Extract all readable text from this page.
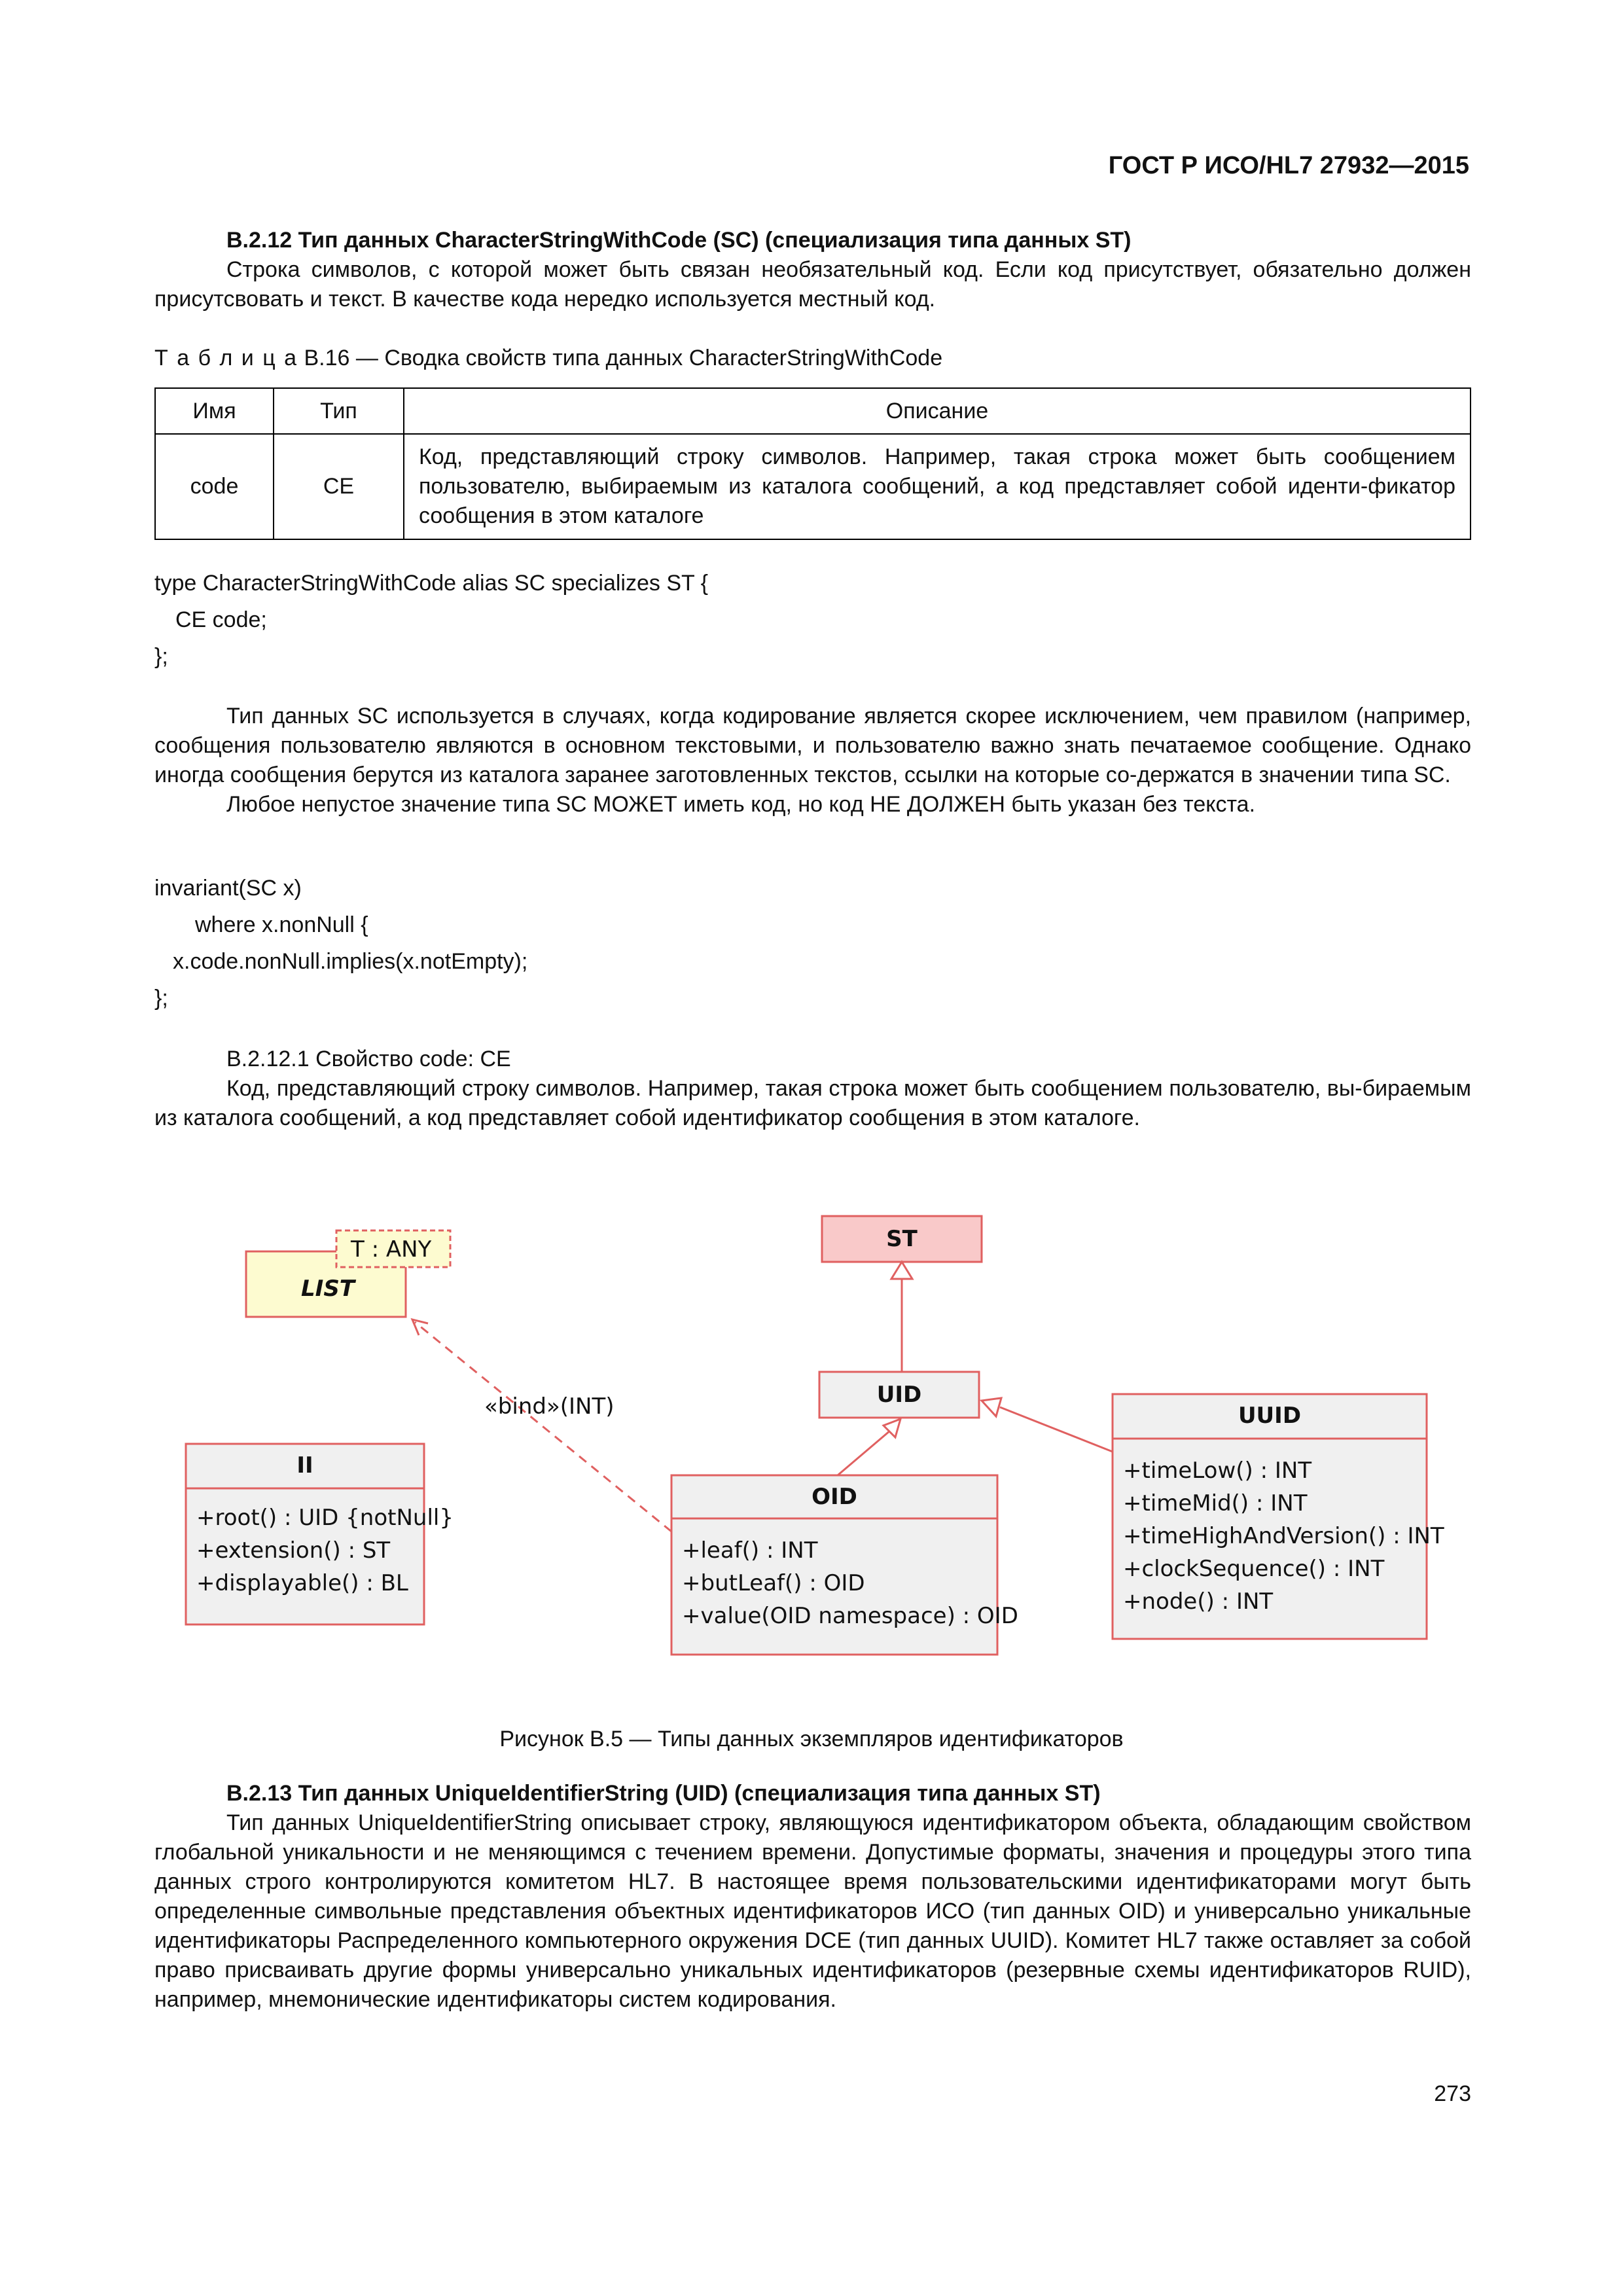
ГОСТ Р ИСО/HL7 27932—2015
В.2.12 Тип данных CharacterStringWithCode (SC) (специализация типа данных ST)
Строка символов, с которой может быть связан необязательный код. Если код присутствует, обязательно должен присутсвовать и текст. В качестве кода нередко используется местный код.
Т а б л и ц а В.16 — Сводка свойств типа данных CharacterStringWithCode
Имя	Тип	Описание
code	CE	Код, представляющий строку символов. Например, такая строка может быть сообщением пользователю, выбираемым из каталога сообщений, а код представляет собой иденти-фикатор сообщения в этом каталоге
type CharacterStringWithCode alias SC specializes ST {
CE code;
};
Тип данных SC используется в случаях, когда кодирование является скорее исключением, чем правилом (например, сообщения пользователю являются в основном текстовыми, и пользователю важно знать печатаемое сообщение. Однако иногда сообщения берутся из каталога заранее заготовленных текстов, ссылки на которые со-держатся в значении типа SC.
Любое непустое значение типа SC МОЖЕТ иметь код, но код НЕ ДОЛЖЕН быть указан без текста.
invariant(SC x)
where x.nonNull {
x.code.nonNull.implies(x.notEmpty);
};
В.2.12.1 Свойство code: CE
Код, представляющий строку символов. Например, такая строка может быть сообщением пользователю, вы-бираемым из каталога сообщений, а код представляет собой идентификатор сообщения в этом каталоге.
T : ANY
LIST
ST
UID
II
+root() : UID {notNull}
+extension() : ST
+displayable() : BL
OID
+leaf() : INT
+butLeaf() : OID
+value(OID namespace) : OID
UUID
+timeLow() : INT
+timeMid() : INT
+timeHighAndVersion() : INT
+clockSequence() : INT
+node() : INT
«bind»(INT)
Рисунок В.5 — Типы данных экземпляров идентификаторов
В.2.13 Тип данных UniqueIdentifierString (UID) (специализация типа данных ST)
Тип данных UniqueIdentifierString описывает строку, являющуюся идентификатором объекта, обладающим свойством глобальной уникальности и не меняющимся с течением времени. Допустимые форматы, значения и процедуры этого типа данных строго контролируются комитетом HL7. В настоящее время пользовательскими идентификаторами могут быть определенные символьные представления объектных идентификаторов ИСО (тип данных OID) и универсально уникальные идентификаторы Распределенного компьютерного окружения DCE (тип данных UUID). Комитет HL7 также оставляет за собой право присваивать другие формы универсально уникальных идентификаторов (резервные схемы идентификаторов RUID), например, мнемонические идентификаторы систем кодирования.
273
